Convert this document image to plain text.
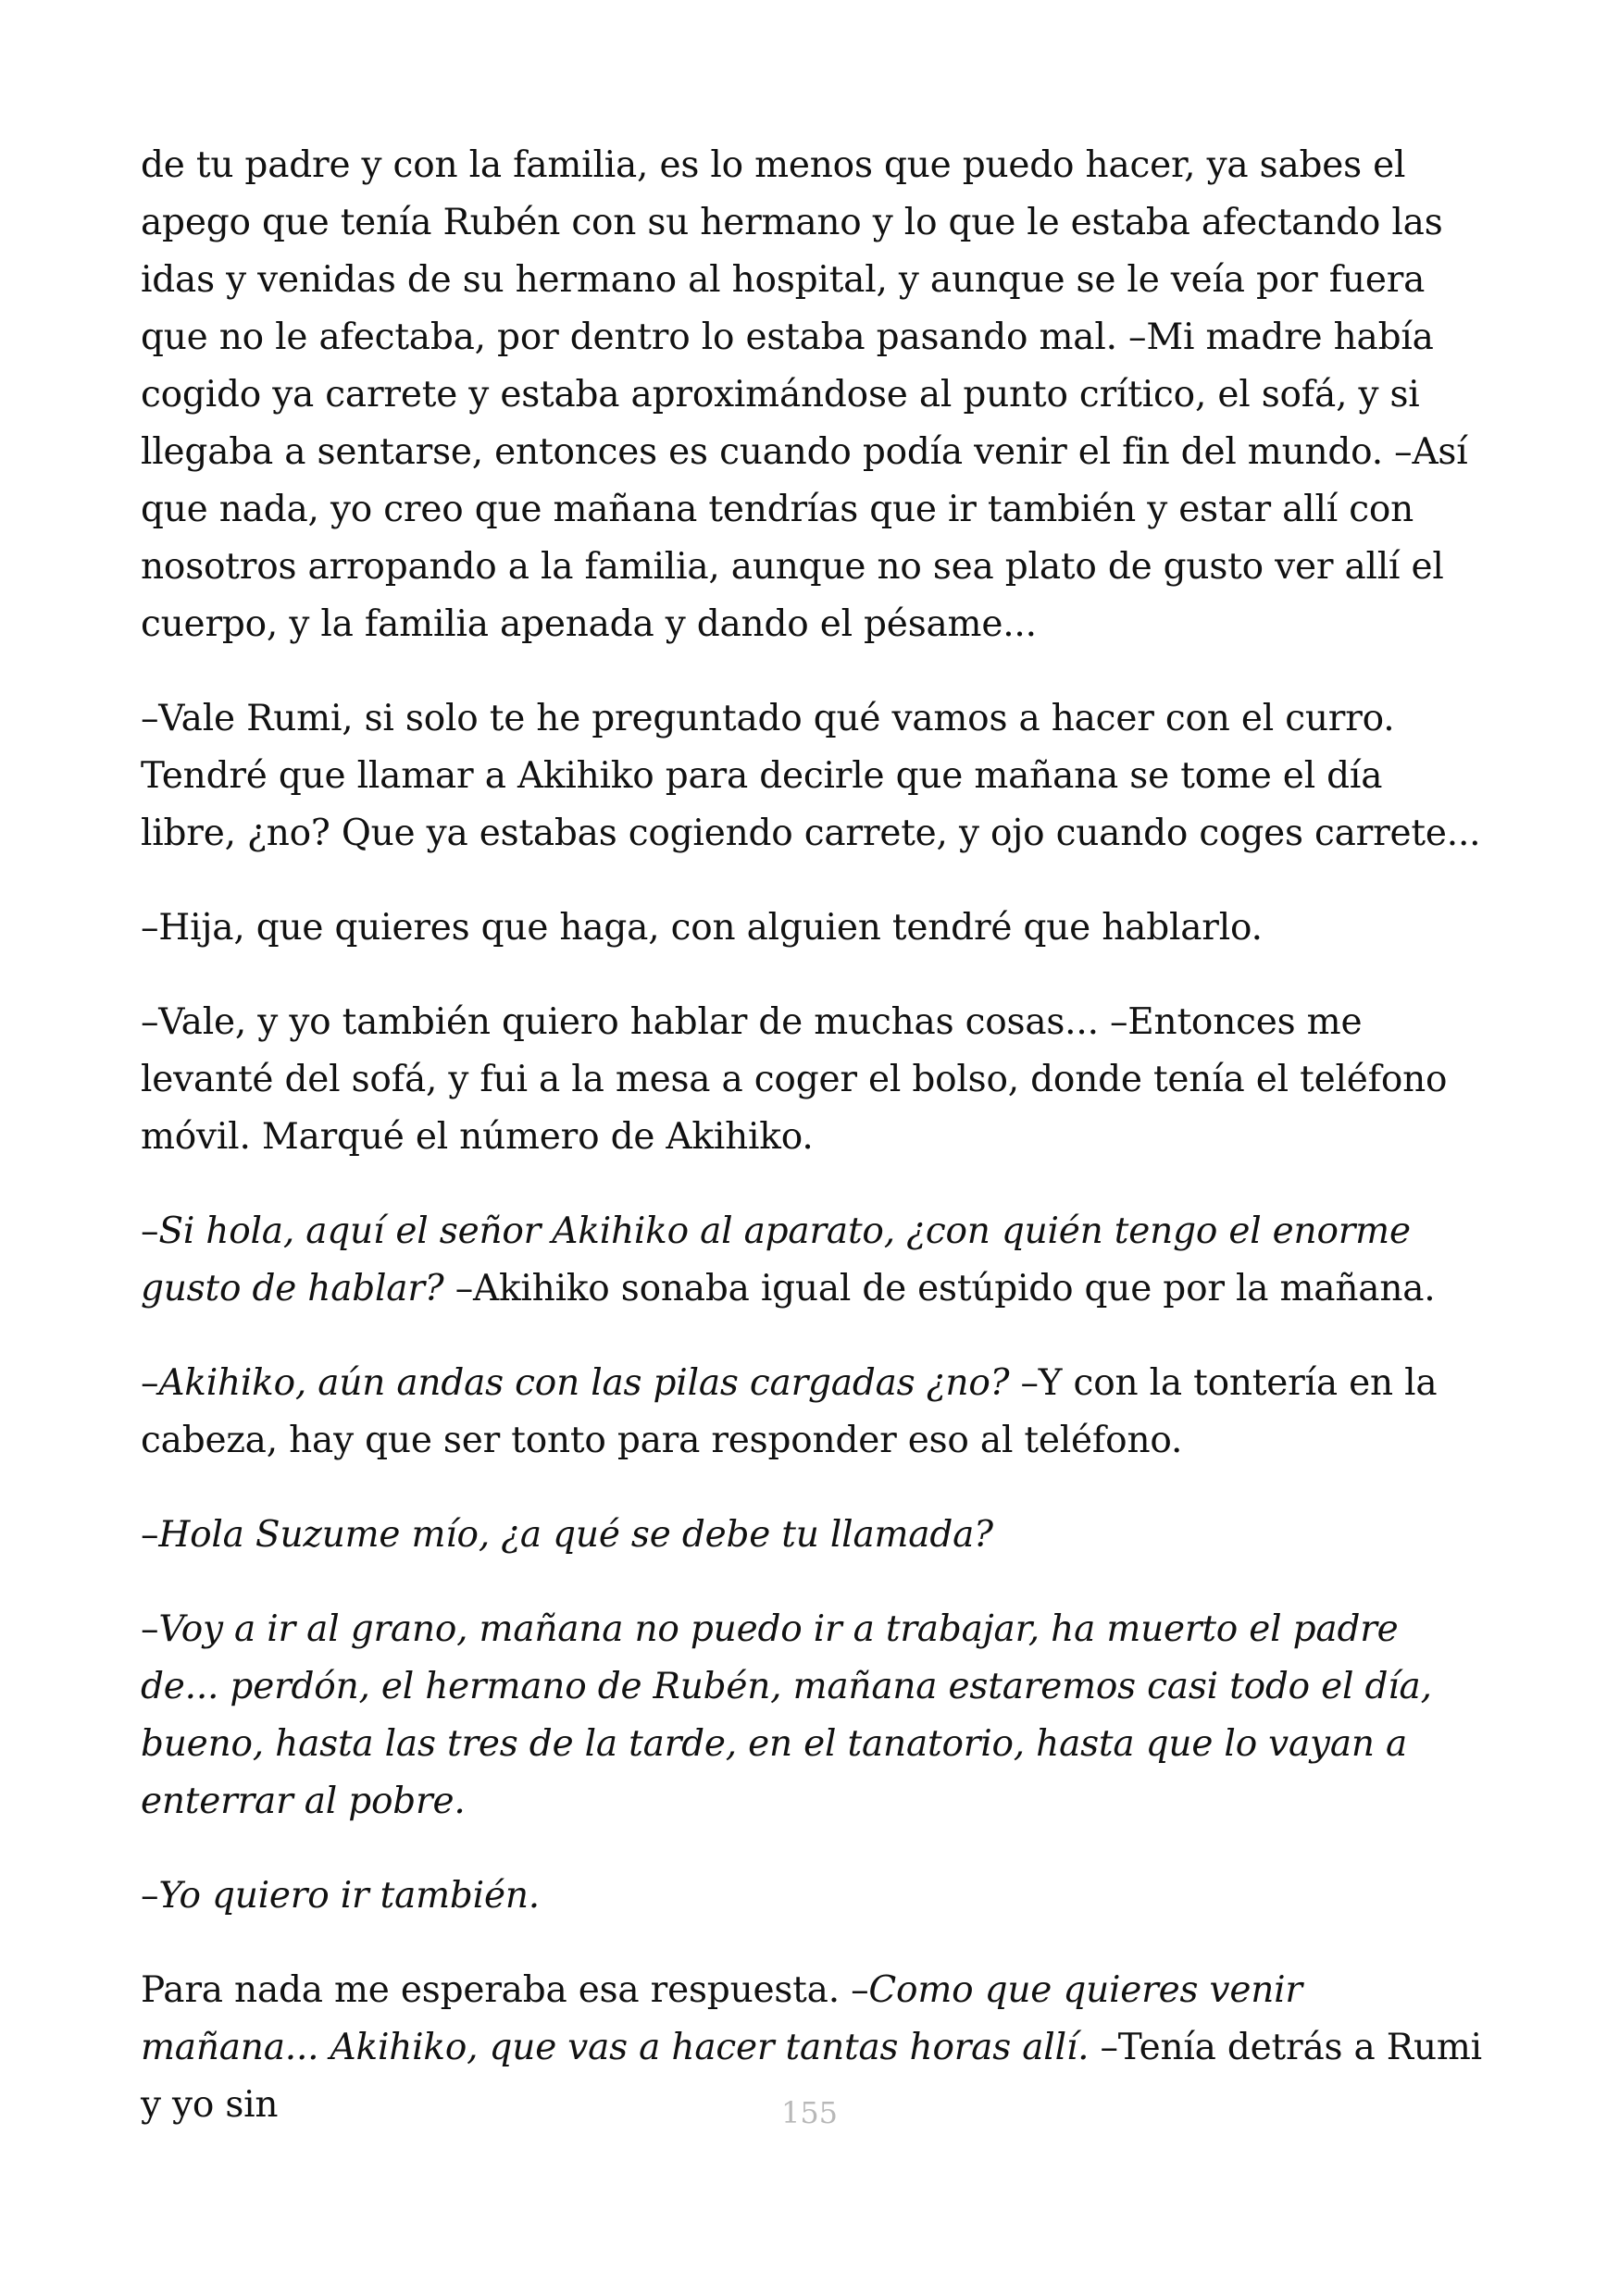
de tu padre y con la familia, es lo menos que puedo hacer, ya sabes el apego que tenía Rubén con su hermano y lo que le estaba afectando las idas y venidas de su hermano al hospital, y aunque se le veía por fuera que no le afectaba, por dentro lo estaba pasando mal. –Mi madre había cogido ya carrete y estaba aproximándose al punto crítico, el sofá, y si llegaba a sentarse, entonces es cuando podía venir el fin del mundo. –Así que nada, yo creo que mañana tendrías que ir también y estar allí con nosotros arropando a la familia, aunque no sea plato de gusto ver allí el cuerpo, y la familia apenada y dando el pésame...

–Vale Rumi, si solo te he preguntado qué vamos a hacer con el curro. Tendré que llamar a Akihiko para decirle que mañana se tome el día libre, ¿no? Que ya estabas cogiendo carrete, y ojo cuando coges carrete...

–Hija, que quieres que haga, con alguien tendré que hablarlo.

–Vale, y yo también quiero hablar de muchas cosas... –Entonces me levanté del sofá, y fui a la mesa a coger el bolso, donde tenía el teléfono móvil. Marqué el número de Akihiko.

–Si hola, aquí el señor Akihiko al aparato, ¿con quién tengo el enorme gusto de hablar? –Akihiko sonaba igual de estúpido que por la mañana.

–Akihiko, aún andas con las pilas cargadas ¿no? –Y con la tontería en la cabeza, hay que ser tonto para responder eso al teléfono.

–Hola Suzume mío, ¿a qué se debe tu llamada?

–Voy a ir al grano, mañana no puedo ir a trabajar, ha muerto el padre de... perdón, el hermano de Rubén, mañana estaremos casi todo el día, bueno, hasta las tres de la tarde, en el tanatorio, hasta que lo vayan a enterrar al pobre.

–Yo quiero ir también.

Para nada me esperaba esa respuesta. –Como que quieres venir mañana... Akihiko, que vas a hacer tantas horas allí. –Tenía detrás a Rumi y yo sin	155
